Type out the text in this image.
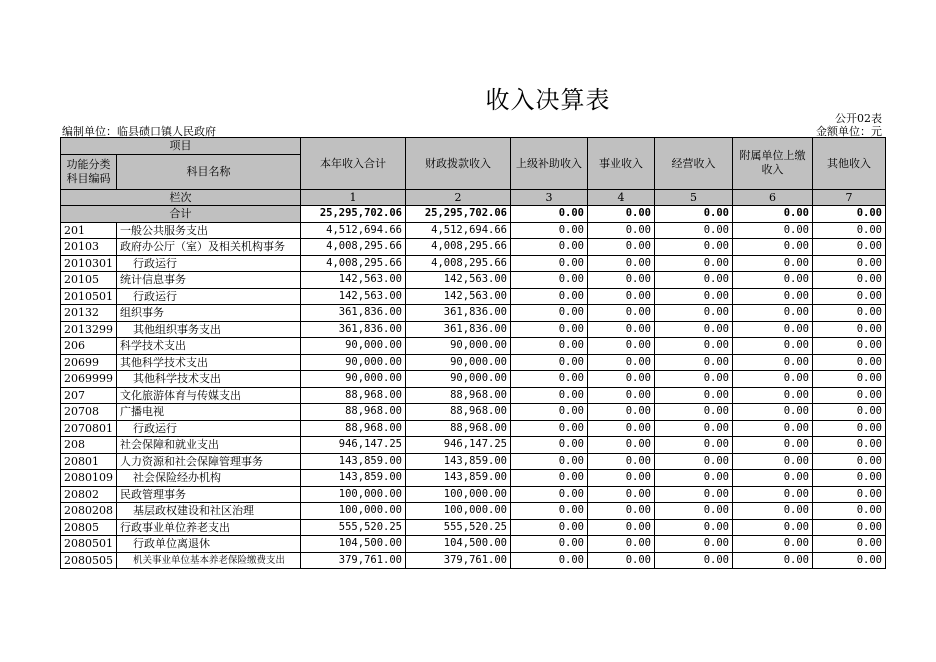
收入决算表
公开02表
编制单位：临县碛口镇人民政府	金额单位：元
项目		本年收入合计	财政拨款收入	上级补助收入	事业收入	经营收入	附属单位上缴收入	其他收入
功能分类科目编码	科目名称							

栏次		1	2	3	4	5	6	7
合计		25,295,702.06	25,295,702.06	0.00	0.00	0.00	0.00	0.00
201	一般公共服务支出	4,512,694.66	4,512,694.66	0.00	0.00	0.00	0.00	0.00
20103	政府办公厅（室）及相关机构事务	4,008,295.66	4,008,295.66	0.00	0.00	0.00	0.00	0.00
2010301	行政运行	4,008,295.66	4,008,295.66	0.00	0.00	0.00	0.00	0.00
20105	统计信息事务	142,563.00	142,563.00	0.00	0.00	0.00	0.00	0.00
2010501	行政运行	142,563.00	142,563.00	0.00	0.00	0.00	0.00	0.00
20132	组织事务	361,836.00	361,836.00	0.00	0.00	0.00	0.00	0.00
2013299	其他组织事务支出	361,836.00	361,836.00	0.00	0.00	0.00	0.00	0.00
206	科学技术支出	90,000.00	90,000.00	0.00	0.00	0.00	0.00	0.00
20699	其他科学技术支出	90,000.00	90,000.00	0.00	0.00	0.00	0.00	0.00
2069999	其他科学技术支出	90,000.00	90,000.00	0.00	0.00	0.00	0.00	0.00
207	文化旅游体育与传媒支出	88,968.00	88,968.00	0.00	0.00	0.00	0.00	0.00
20708	广播电视	88,968.00	88,968.00	0.00	0.00	0.00	0.00	0.00
2070801	行政运行	88,968.00	88,968.00	0.00	0.00	0.00	0.00	0.00
208	社会保障和就业支出	946,147.25	946,147.25	0.00	0.00	0.00	0.00	0.00
20801	人力资源和社会保障管理事务	143,859.00	143,859.00	0.00	0.00	0.00	0.00	0.00
2080109	社会保险经办机构	143,859.00	143,859.00	0.00	0.00	0.00	0.00	0.00
20802	民政管理事务	100,000.00	100,000.00	0.00	0.00	0.00	0.00	0.00
2080208	基层政权建设和社区治理	100,000.00	100,000.00	0.00	0.00	0.00	0.00	0.00
20805	行政事业单位养老支出	555,520.25	555,520.25	0.00	0.00	0.00	0.00	0.00
2080501	行政单位离退休	104,500.00	104,500.00	0.00	0.00	0.00	0.00	0.00
2080505	机关事业单位基本养老保险缴费支出	379,761.00	379,761.00	0.00	0.00	0.00	0.00	0.00
